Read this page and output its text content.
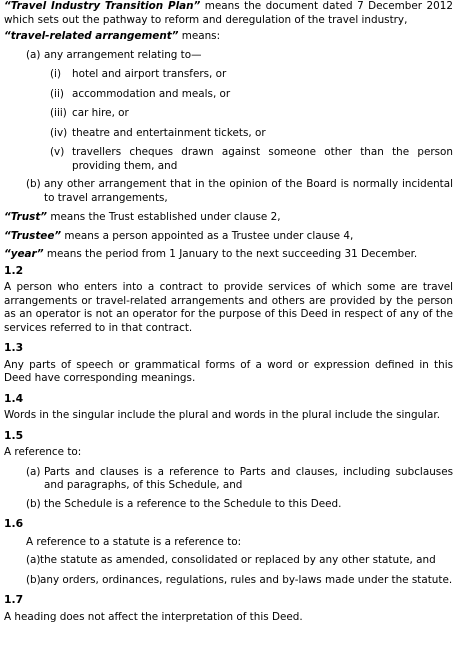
“Travel Industry Transition Plan” means the document dated 7 December 2012 which sets out the pathway to reform and deregulation of the travel industry,

“travel-related arrangement” means:

(a) any arrangement relating to—
(i) hotel and airport transfers, or
(ii) accommodation and meals, or
(iii) car hire, or
(iv) theatre and entertainment tickets, or
(v) travellers cheques drawn against someone other than the person providing them, and
(b) any other arrangement that in the opinion of the Board is normally incidental to travel arrangements,

“Trust” means the Trust established under clause 2,

“Trustee” means a person appointed as a Trustee under clause 4,

“year” means the period from 1 January to the next succeeding 31 December.

1.2

A person who enters into a contract to provide services of which some are travel arrangements or travel-related arrangements and others are provided by the person as an operator is not an operator for the purpose of this Deed in respect of any of the services referred to in that contract.

1.3

Any parts of speech or grammatical forms of a word or expression defined in this Deed have corresponding meanings.

1.4

Words in the singular include the plural and words in the plural include the singular.

1.5

A reference to:

(a) Parts and clauses is a reference to Parts and clauses, including subclauses and paragraphs, of this Schedule, and
(b) the Schedule is a reference to the Schedule to this Deed.

1.6

A reference to a statute is a reference to:

(a) the statute as amended, consolidated or replaced by any other statute, and
(b) any orders, ordinances, regulations, rules and by-laws made under the statute.

1.7

A heading does not affect the interpretation of this Deed.
